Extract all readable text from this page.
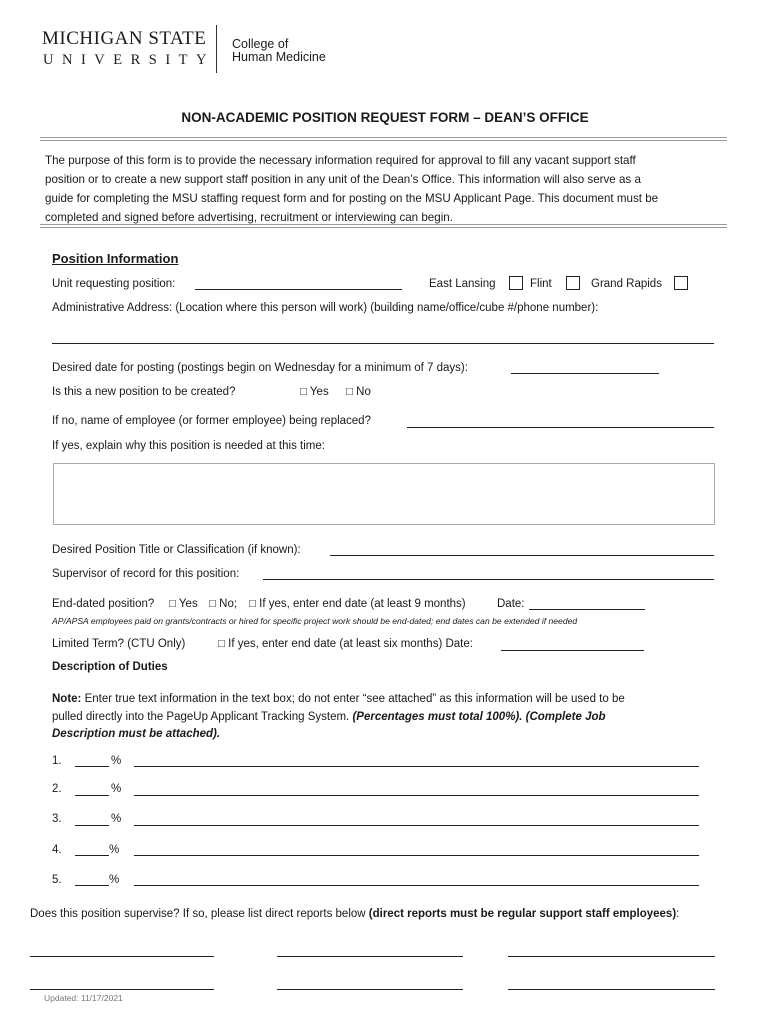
MICHIGAN STATE
UNIVERSITY
College of
Human Medicine
NON-ACADEMIC POSITION REQUEST FORM – DEAN’S OFFICE
The purpose of this form is to provide the necessary information required for approval to fill any vacant support staff
position or to create a new support staff position in any unit of the Dean’s Office. This information will also serve as a
guide for completing the MSU staffing request form and for posting on the MSU Applicant Page. This document must be
completed and signed before advertising, recruitment or interviewing can begin.
Position Information
Unit requesting position:	East Lansing	Flint	Grand Rapids
Administrative Address: (Location where this person will work) (building name/office/cube #/phone number):
Desired date for posting (postings begin on Wednesday for a minimum of 7 days):
Is this a new position to be created?	□ Yes □ No
If no, name of employee (or former employee) being replaced?
If yes, explain why this position is needed at this time:
Desired Position Title or Classification (if known):
Supervisor of record for this position:
End-dated position? □ Yes □ No; □ If yes, enter end date (at least 9 months)	Date:
AP/APSA employees paid on grants/contracts or hired for specific project work should be end-dated; end dates can be extended if needed
Limited Term? (CTU Only)	□ If yes, enter end date (at least six months) Date:
Description of Duties
Note: Enter true text information in the text box; do not enter “see attached” as this information will be used to be
pulled directly into the PageUp Applicant Tracking System. (Percentages must total 100%). (Complete Job
Description must be attached).
1.	%
2.	%
3.	%
4.	%
5.	%
Does this position supervise? If so, please list direct reports below (direct reports must be regular support staff employees):
Updated: 11/17/2021
